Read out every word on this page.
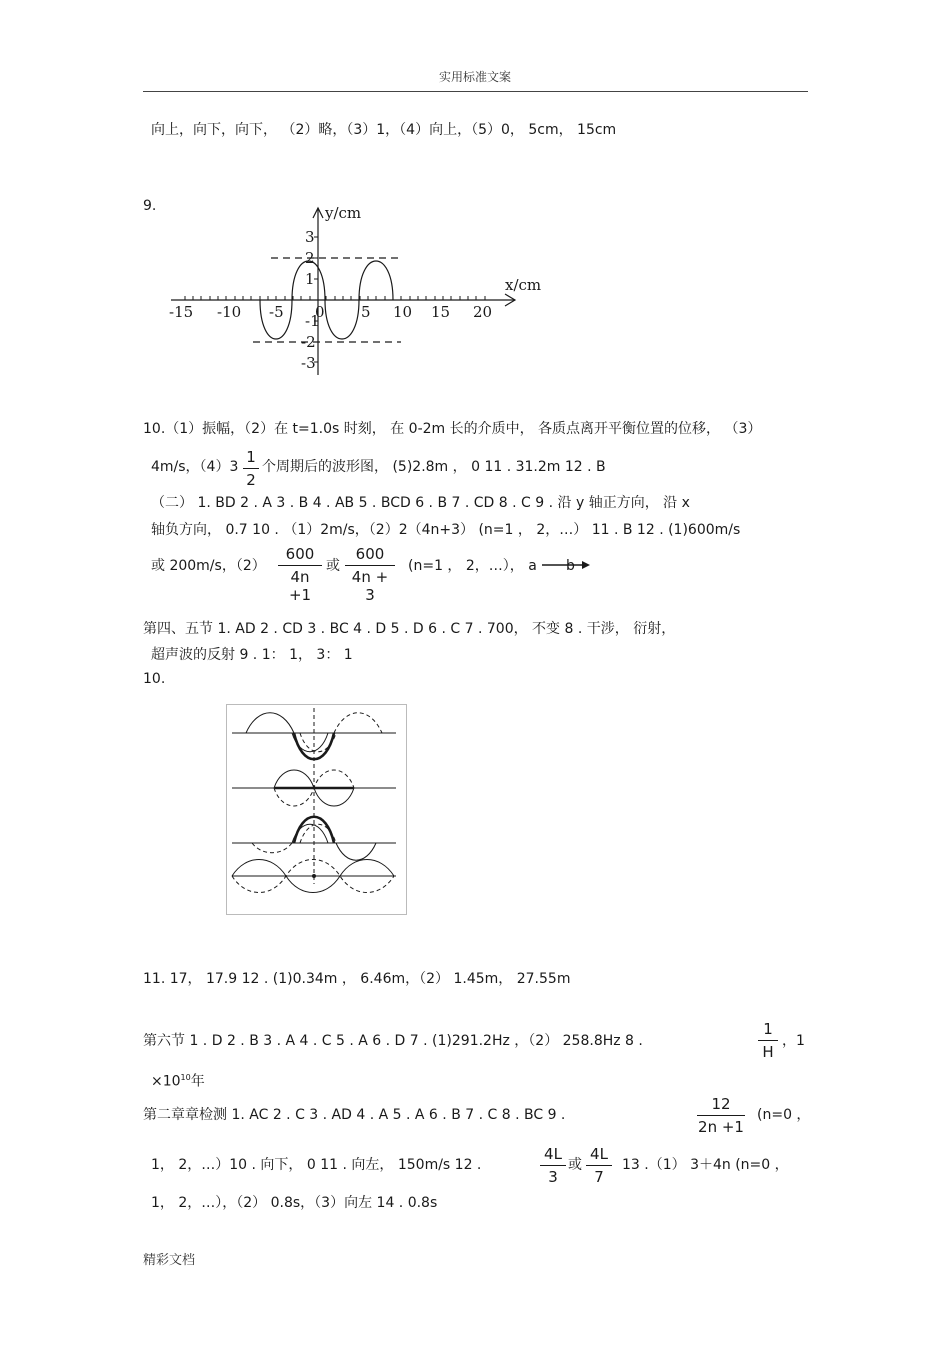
实用标准文案
向上，向下，向下， （2）略，（3）1，（4）向上，（5）0， 5cm， 15cm
9.	y/cm
x/cm
-15 -10 -5 0 5 10 15 20
3
2
1
-1
-2
-3
10.（1）振幅，（2）在 t=1.0s 时刻， 在 0-2m 长的介质中， 各质点离开平衡位置的位移， （3）
4m/s，（4）3
1
2
个周期后的波形图， (5)2.8m ， 0 11 . 31.2m 12 . B
（二） 1. BD 2 . A 3 . B 4 . AB 5 . BCD 6 . B 7 . CD 8 . C 9 . 沿 y 轴正方向， 沿 x
轴负方向， 0.7 10 . （1）2m/s，（2）2（4n+3） (n=1 ， 2，…） 11 . B 12 . (1)600m/s
或 200m/s，（2）
600
4n +1
或
600
4n + 3
(n=1 ， 2，…）， a b
第四、五节 1. AD 2 . CD 3 . BC 4 . D 5 . D 6 . C 7 . 700， 不变 8 . 干涉， 衍射，
超声波的反射 9 . 1： 1， 3： 1
10.
11. 17， 17.9 12 . (1)0.34m ， 6.46m，（2） 1.45m， 27.55m
第六节 1 . D 2 . B 3 . A 4 . C 5 . A 6 . D 7 . (1)291.2Hz ，（2） 258.8Hz 8 .
1
H
，1
$\times 10^{10}$年
第二章章检测 1. AC 2 . C 3 . AD 4 . A 5 . A 6 . B 7 . C 8 . BC 9 .
12
2n +1
(n=0 ，
1， 2，…）10 . 向下， 0 11 . 向左， 150m/s 12 .
4L
3
或
4L
7
13 .（1） 3＋4n (n=0 ，
1， 2，…），（2） 0.8s，（3）向左 14 . 0.8s
精彩文档
